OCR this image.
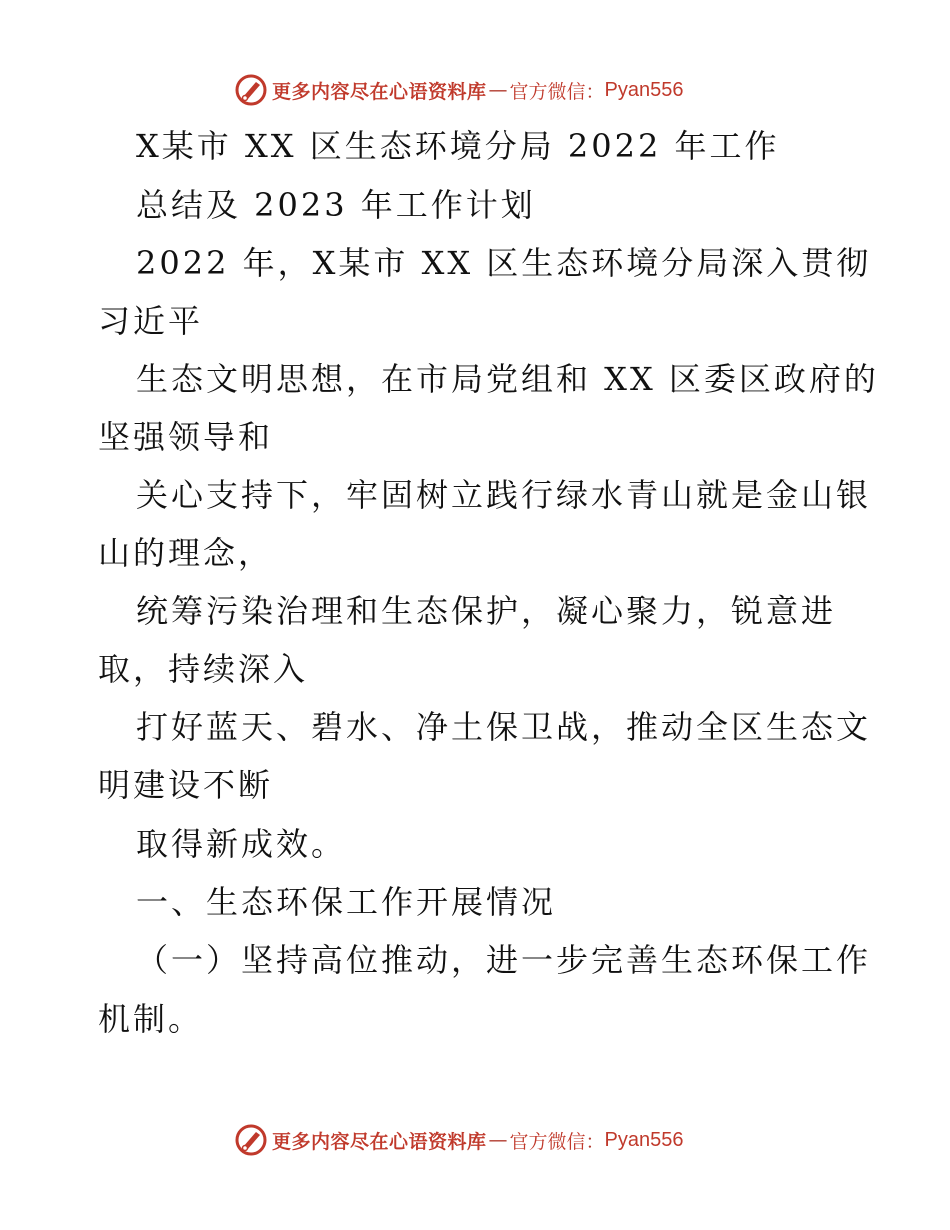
更多内容尽在心语资料库 — 官方微信 ： Pyan556
X某市 XX 区生态环境分局 2022 年工作
总结及 2023 年工作计划
2022 年，X某市 XX 区生态环境分局深入贯彻
习近平
生态文明思想，在市局党组和 XX 区委区政府的
坚强领导和
关心支持下，牢固树立践行绿水青山就是金山银
山的理念，
统筹污染治理和生态保护，凝心聚力，锐意进
取，持续深入
打好蓝天、碧水、净土保卫战，推动全区生态文
明建设不断
取得新成效。
一、生态环保工作开展情况
（一）坚持高位推动，进一步完善生态环保工作
机制。
更多内容尽在心语资料库 — 官方微信 ： Pyan556
